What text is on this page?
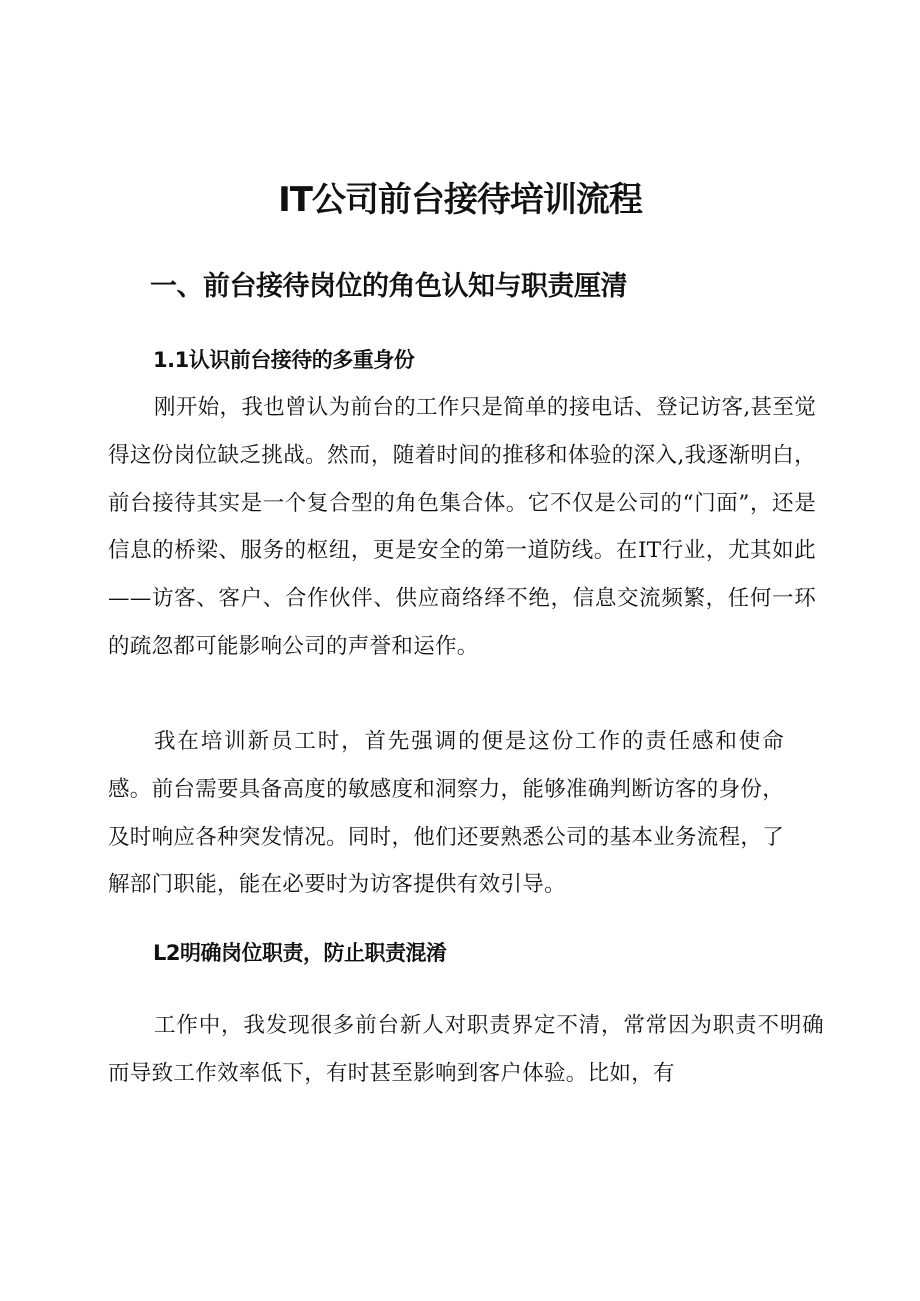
IT公司前台接待培训流程
一、前台接待岗位的角色认知与职责厘清
1.1认识前台接待的多重身份

刚开始，我也曾认为前台的工作只是简单的接电话、登记访客,甚至觉得这份岗位缺乏挑战。然而，随着时间的推移和体验的深入,我逐渐明白，前台接待其实是一个复合型的角色集合体。它不仅是公司的“门面”，还是信息的桥梁、服务的枢纽，更是安全的第一道防线。在IT行业，尤其如此——访客、客户、合作伙伴、供应商络绎不绝，信息交流频繁，任何一环的疏忽都可能影响公司的声誉和运作。

我在培训新员工时，首先强调的便是这份工作的责任感和使命感。前台需要具备高度的敏感度和洞察力，能够准确判断访客的身份，及时响应各种突发情况。同时，他们还要熟悉公司的基本业务流程，了解部门职能，能在必要时为访客提供有效引导。

L2明确岗位职责，防止职责混淆

工作中，我发现很多前台新人对职责界定不清，常常因为职责不明确而导致工作效率低下，有时甚至影响到客户体验。比如，有
